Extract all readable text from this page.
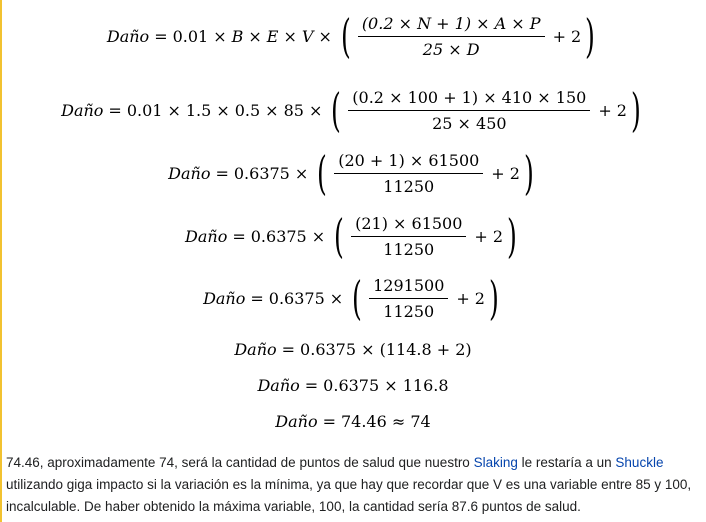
Daño = 0.01 × B × E × V × ( $\frac{(0.2 \times N + 1) \times A \times P}{25 \times D} + 2$ )
Daño = 0.01 × 1.5 × 0.5 × 85 × ( $\frac{(0.2 \times 100 + 1) \times 410 \times 150}{25 \times 450} + 2$ )
Daño = 0.6375 × ( $\frac{(20 + 1) \times 61500}{11250} + 2$ )
Daño = 0.6375 × ( $\frac{(21) \times 61500}{11250} + 2$ )
Daño = 0.6375 × ( $\frac{1291500}{11250} + 2$ )
Daño = 0.6375 × (114.8 + 2)
Daño = 0.6375 × 116.8
Daño = 74.46 ≈ 74
74.46, aproximadamente 74, será la cantidad de puntos de salud que nuestro Slaking le restaría a un Shuckle utilizando giga impacto si la variación es la mínima, ya que hay que recordar que V es una variable entre 85 y 100, incalculable. De haber obtenido la máxima variable, 100, la cantidad sería 87.6 puntos de salud.
